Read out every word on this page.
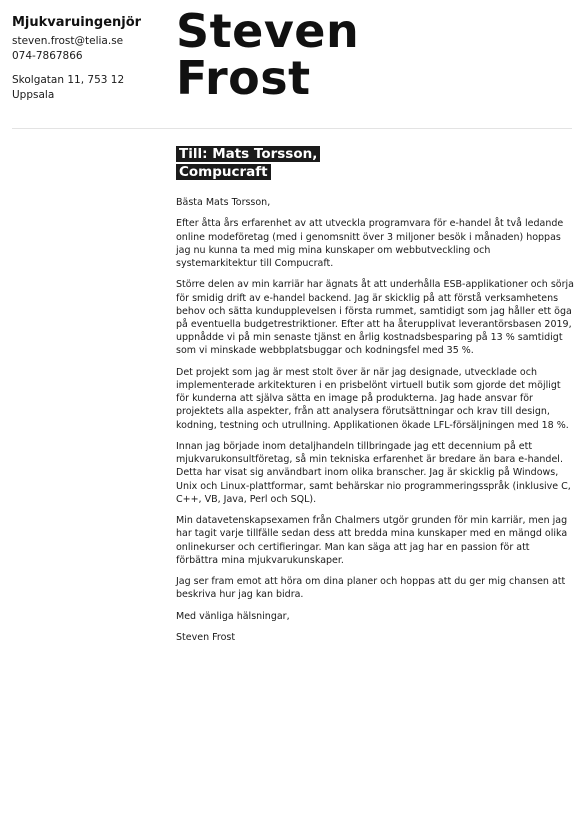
Mjukvaruingenjör
steven.frost@telia.se
074-7867866
Skolgatan 11, 753 12 Uppsala
Steven
Frost
Till: Mats Torsson,
Compucraft

Bästa Mats Torsson,

Efter åtta års erfarenhet av att utveckla programvara för e-handel åt två ledande online modeföretag (med i genomsnitt över 3 miljoner besök i månaden) hoppas jag nu kunna ta med mig mina kunskaper om webbutveckling och systemarkitektur till Compucraft.

Större delen av min karriär har ägnats åt att underhålla ESB-applikationer och sörja för smidig drift av e-handel backend. Jag är skicklig på att förstå verksamhetens behov och sätta kundupplevelsen i första rummet, samtidigt som jag håller ett öga på eventuella budgetrestriktioner. Efter att ha återupplivat leverantörsbasen 2019, uppnådde vi på min senaste tjänst en årlig kostnadsbesparing på 13 % samtidigt som vi minskade webbplatsbuggar och kodningsfel med 35 %.

Det projekt som jag är mest stolt över är när jag designade, utvecklade och implementerade arkitekturen i en prisbelönt virtuell butik som gjorde det möjligt för kunderna att själva sätta en image på produkterna. Jag hade ansvar för projektets alla aspekter, från att analysera förutsättningar och krav till design, kodning, testning och utrullning. Applikationen ökade LFL-försäljningen med 18 %.

Innan jag började inom detaljhandeln tillbringade jag ett decennium på ett mjukvarukonsultföretag, så min tekniska erfarenhet är bredare än bara e-handel. Detta har visat sig användbart inom olika branscher. Jag är skicklig på Windows, Unix och Linux-plattformar, samt behärskar nio programmeringsspråk (inklusive C, C++, VB, Java, Perl och SQL).

Min datavetenskapsexamen från Chalmers utgör grunden för min karriär, men jag har tagit varje tillfälle sedan dess att bredda mina kunskaper med en mängd olika onlinekurser och certifieringar. Man kan säga att jag har en passion för att förbättra mina mjukvarukunskaper.

Jag ser fram emot att höra om dina planer och hoppas att du ger mig chansen att beskriva hur jag kan bidra.

Med vänliga hälsningar,

Steven Frost
